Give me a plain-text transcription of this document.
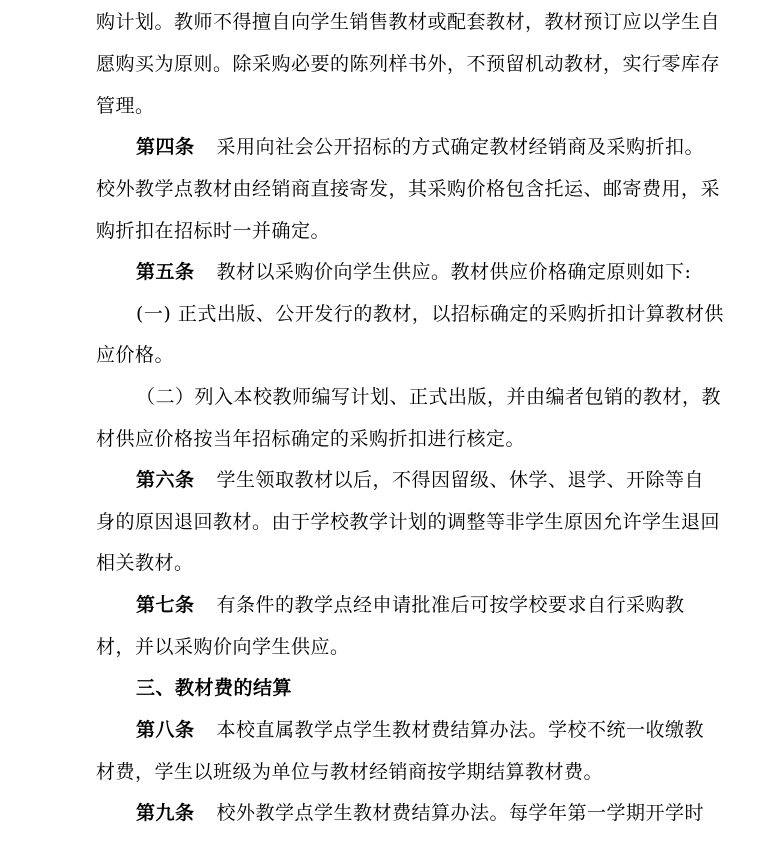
购计划。教师不得擅自向学生销售教材或配套教材，教材预订应以学生自
愿购买为原则。除采购必要的陈列样书外，不预留机动教材，实行零库存
管理。
第四条 采用向社会公开招标的方式确定教材经销商及采购折扣。
校外教学点教材由经销商直接寄发，其采购价格包含托运、邮寄费用，采
购折扣在招标时一并确定。
第五条 教材以采购价向学生供应。教材供应价格确定原则如下:
(一) 正式出版、公开发行的教材，以招标确定的采购折扣计算教材供
应价格。
（二）列入本校教师编写计划、正式出版，并由编者包销的教材，教
材供应价格按当年招标确定的采购折扣进行核定。
第六条 学生领取教材以后，不得因留级、休学、退学、开除等自
身的原因退回教材。由于学校教学计划的调整等非学生原因允许学生退回
相关教材。
第七条 有条件的教学点经申请批准后可按学校要求自行采购教
材，并以采购价向学生供应。
三、教材费的结算
第八条 本校直属教学点学生教材费结算办法。学校不统一收缴教
材费，学生以班级为单位与教材经销商按学期结算教材费。
第九条 校外教学点学生教材费结算办法。每学年第一学期开学时
